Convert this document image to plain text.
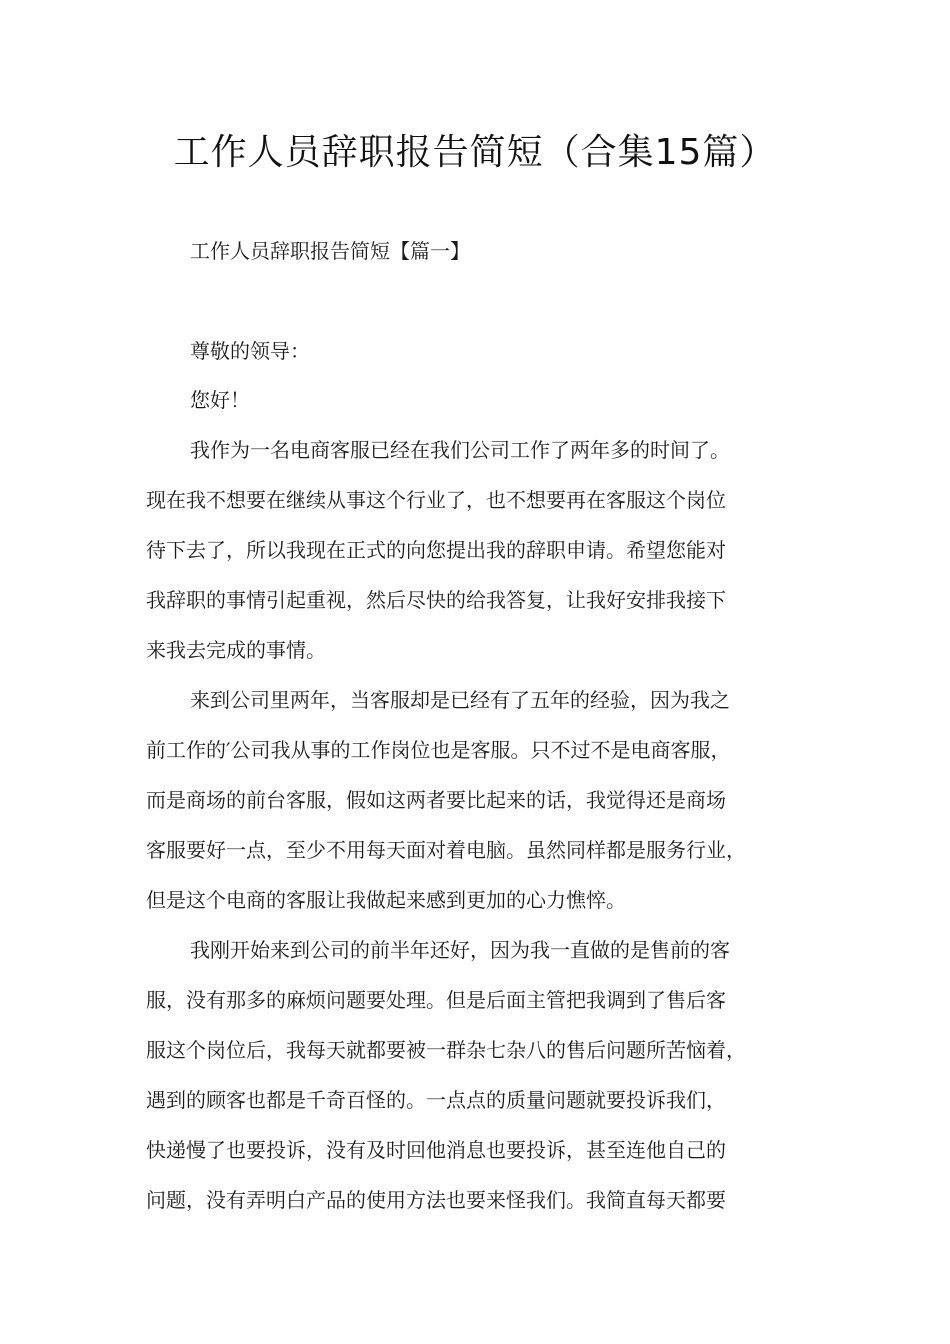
工作人员辞职报告简短（合集15篇）
工作人员辞职报告简短【篇一】

尊敬的领导：

您好！

我作为一名电商客服已经在我们公司工作了两年多的时间了。

现在我不想要在继续从事这个行业了，也不想要再在客服这个岗位

待下去了，所以我现在正式的向您提出我的辞职申请。希望您能对

我辞职的事情引起重视，然后尽快的给我答复，让我好安排我接下

来我去完成的事情。

来到公司里两年，当客服却是已经有了五年的经验，因为我之

前工作的′公司我从事的工作岗位也是客服。只不过不是电商客服，

而是商场的前台客服，假如这两者要比起来的话，我觉得还是商场

客服要好一点，至少不用每天面对着电脑。虽然同样都是服务行业，

但是这个电商的客服让我做起来感到更加的心力憔悴。

我刚开始来到公司的前半年还好，因为我一直做的是售前的客

服，没有那多的麻烦问题要处理。但是后面主管把我调到了售后客

服这个岗位后，我每天就都要被一群杂七杂八的售后问题所苦恼着，

遇到的顾客也都是千奇百怪的。一点点的质量问题就要投诉我们，

快递慢了也要投诉，没有及时回他消息也要投诉，甚至连他自己的

问题，没有弄明白产品的使用方法也要来怪我们。我简直每天都要
